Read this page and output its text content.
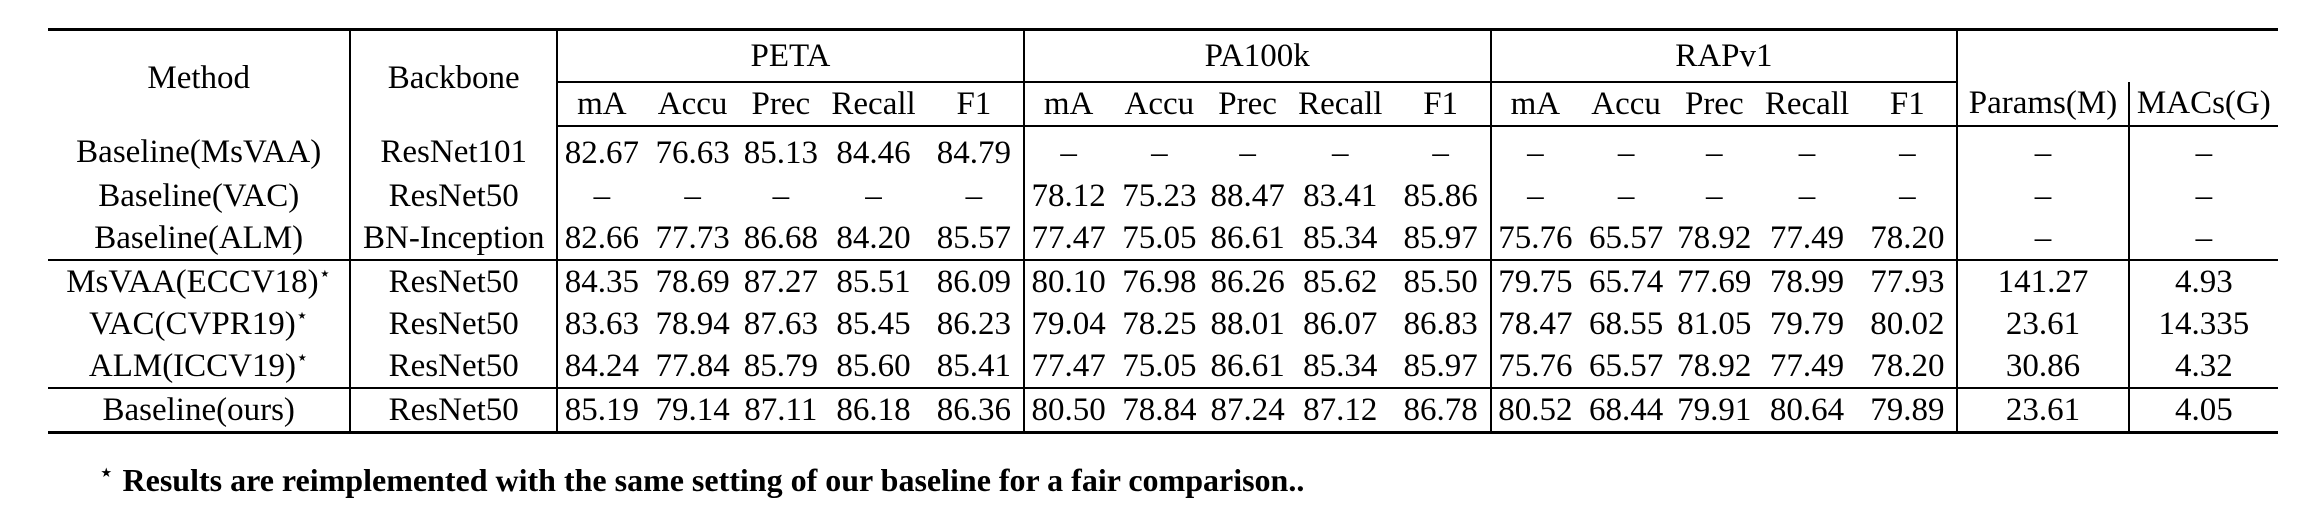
Method	Backbone	PETA					PA100k					RAPv1						
		mA	Accu	Prec	Recall	F1	mA	Accu	Prec	Recall	F1	mA	Accu	Prec	Recall	F1	Params(M)	MACs(G)
Baseline(MsVAA)	ResNet101	82.67	76.63	85.13	84.46	84.79	–	–	–	–	–	–	–	–	–	–	–	–
Baseline(VAC)	ResNet50	–	–	–	–	–	78.12	75.23	88.47	83.41	85.86	–	–	–	–	–	–	–
Baseline(ALM)	BN-Inception	82.66	77.73	86.68	84.20	85.57	77.47	75.05	86.61	85.34	85.97	75.76	65.57	78.92	77.49	78.20	–	–
MsVAA(ECCV18)⋆	ResNet50	84.35	78.69	87.27	85.51	86.09	80.10	76.98	86.26	85.62	85.50	79.75	65.74	77.69	78.99	77.93	141.27	4.93
VAC(CVPR19)⋆	ResNet50	83.63	78.94	87.63	85.45	86.23	79.04	78.25	88.01	86.07	86.83	78.47	68.55	81.05	79.79	80.02	23.61	14.335
ALM(ICCV19)⋆	ResNet50	84.24	77.84	85.79	85.60	85.41	77.47	75.05	86.61	85.34	85.97	75.76	65.57	78.92	77.49	78.20	30.86	4.32
Baseline(ours)	ResNet50	85.19	79.14	87.11	86.18	86.36	80.50	78.84	87.24	87.12	86.78	80.52	68.44	79.91	80.64	79.89	23.61	4.05
⋆ Results are reimplemented with the same setting of our baseline for a fair comparison..
